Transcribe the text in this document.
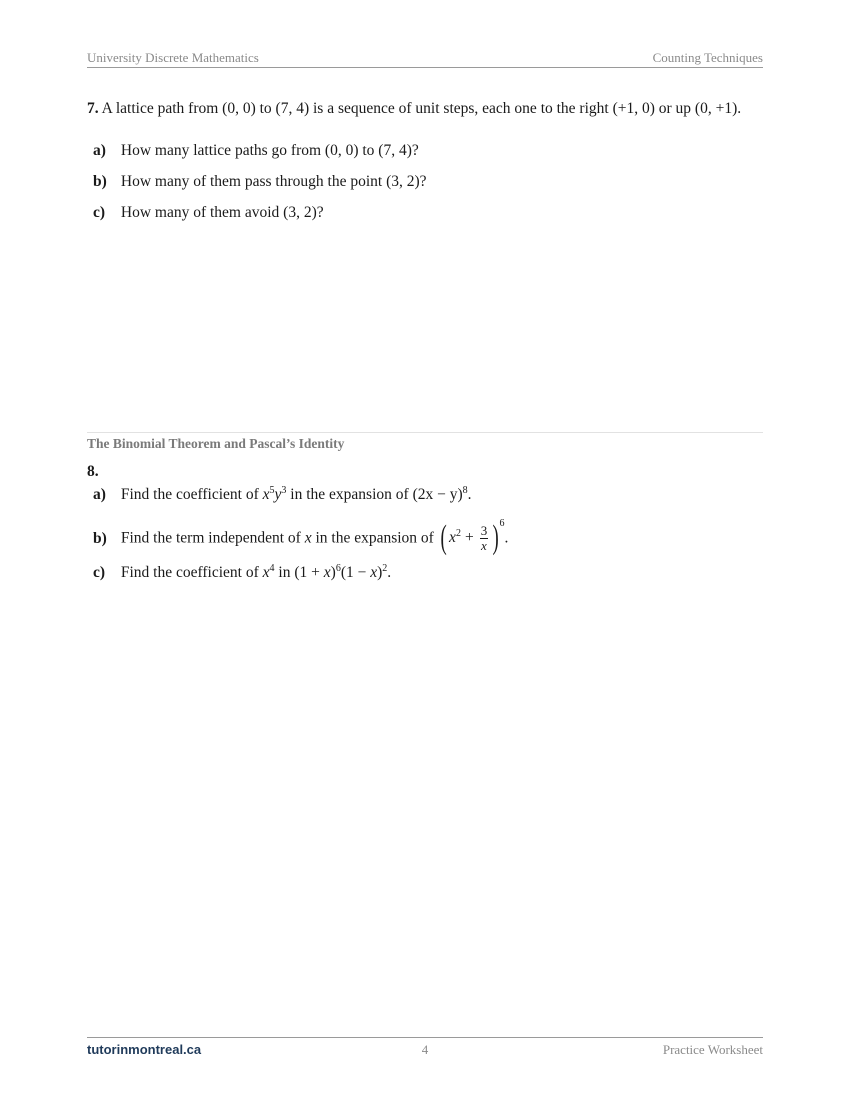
University Discrete Mathematics	Counting Techniques
7. A lattice path from (0, 0) to (7, 4) is a sequence of unit steps, each one to the right (+1, 0) or up (0, +1).
a) How many lattice paths go from (0, 0) to (7, 4)?
b) How many of them pass through the point (3, 2)?
c) How many of them avoid (3, 2)?
The Binomial Theorem and Pascal’s Identity
8.
a) Find the coefficient of $x^5y^3$ in the expansion of $(2x - y)^8$.
b) Find the term independent of x in the expansion of ( $x^2 + \frac{3}{x}$ ) 6
.
c) Find the coefficient of $x^4$ in $(1 + x)^6(1 - x)^2$.
tutorinmontreal.ca	4	Practice Worksheet
